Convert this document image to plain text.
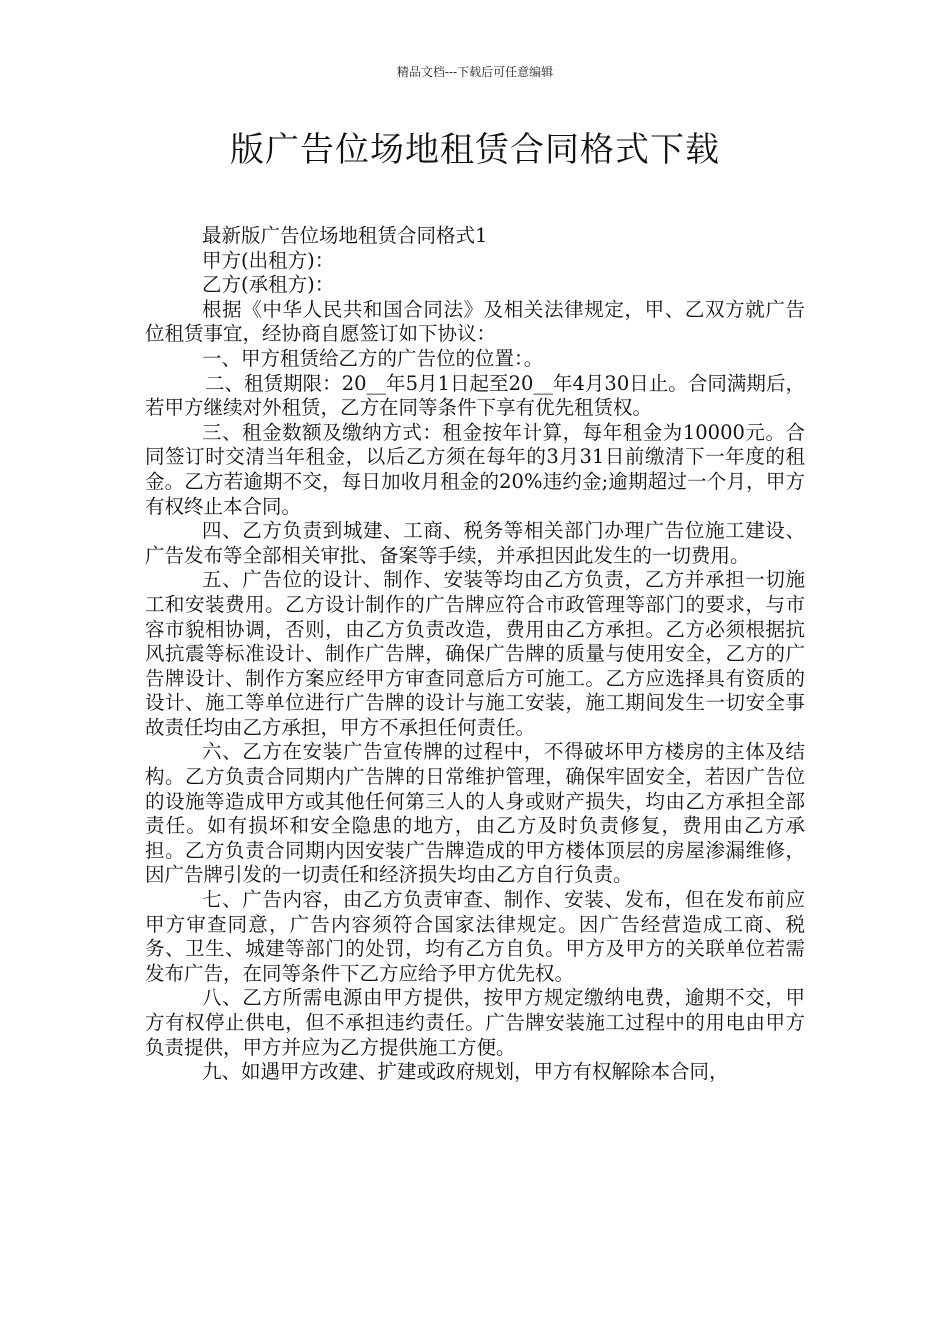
精品文档---下载后可任意编辑
版广告位场地租赁合同格式下载

最新版广告位场地租赁合同格式1

甲方(出租方)：

乙方(承租方)：

根据《中华人民共和国合同法》及相关法律规定，甲、乙双方就广告位租赁事宜，经协商自愿签订如下协议：

一、甲方租赁给乙方的广告位的位置：。

二、租赁期限：20__年5月1日起至20__年4月30日止。合同满期后，若甲方继续对外租赁，乙方在同等条件下享有优先租赁权。

三、租金数额及缴纳方式：租金按年计算，每年租金为10000元。合同签订时交清当年租金，以后乙方须在每年的3月31日前缴清下一年度的租金。乙方若逾期不交，每日加收月租金的20%违约金;逾期超过一个月，甲方有权终止本合同。

四、乙方负责到城建、工商、税务等相关部门办理广告位施工建设、广告发布等全部相关审批、备案等手续，并承担因此发生的一切费用。

五、广告位的设计、制作、安装等均由乙方负责，乙方并承担一切施工和安装费用。乙方设计制作的广告牌应符合市政管理等部门的要求，与市容市貌相协调，否则，由乙方负责改造，费用由乙方承担。乙方必须根据抗风抗震等标准设计、制作广告牌，确保广告牌的质量与使用安全，乙方的广告牌设计、制作方案应经甲方审查同意后方可施工。乙方应选择具有资质的设计、施工等单位进行广告牌的设计与施工安装，施工期间发生一切安全事故责任均由乙方承担，甲方不承担任何责任。

六、乙方在安装广告宣传牌的过程中，不得破坏甲方楼房的主体及结构。乙方负责合同期内广告牌的日常维护管理，确保牢固安全，若因广告位的设施等造成甲方或其他任何第三人的人身或财产损失，均由乙方承担全部责任。如有损坏和安全隐患的地方，由乙方及时负责修复，费用由乙方承担。乙方负责合同期内因安装广告牌造成的甲方楼体顶层的房屋渗漏维修，因广告牌引发的一切责任和经济损失均由乙方自行负责。

七、广告内容，由乙方负责审查、制作、安装、发布，但在发布前应甲方审查同意，广告内容须符合国家法律规定。因广告经营造成工商、税务、卫生、城建等部门的处罚，均有乙方自负。甲方及甲方的关联单位若需发布广告，在同等条件下乙方应给予甲方优先权。

八、乙方所需电源由甲方提供，按甲方规定缴纳电费，逾期不交，甲方有权停止供电，但不承担违约责任。广告牌安装施工过程中的用电由甲方负责提供，甲方并应为乙方提供施工方便。

九、如遇甲方改建、扩建或政府规划，甲方有权解除本合同，
